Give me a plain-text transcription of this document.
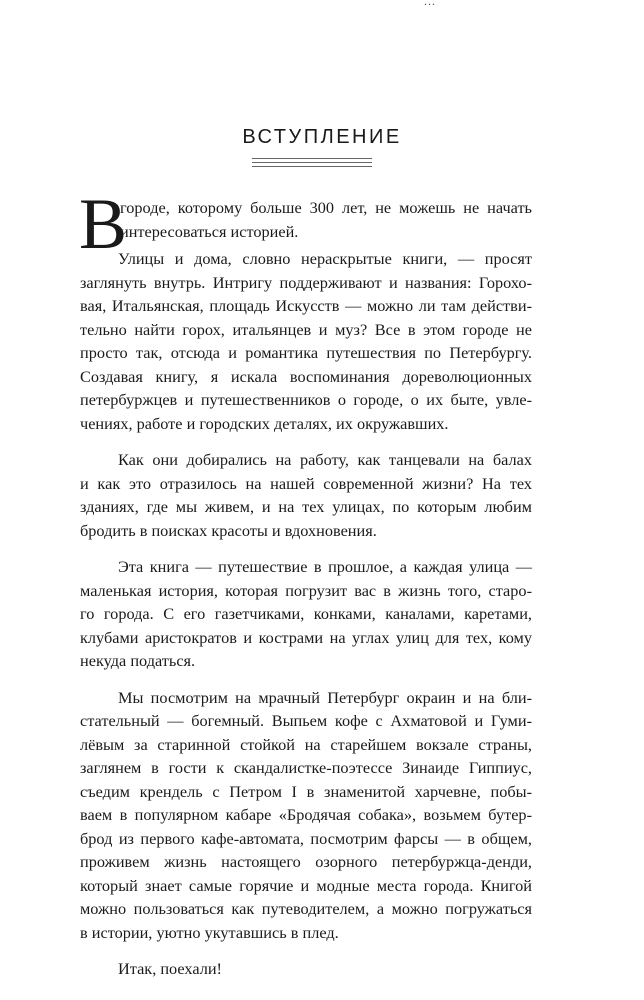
...
ВСТУПЛЕНИЕ
В
городе, которому больше 300 лет, не можешь не начать
интересоваться историей.
Улицы и дома, словно нераскрытые книги, — просят
заглянуть внутрь. Интригу поддерживают и названия: Горохо-
вая, Итальянская, площадь Искусств — можно ли там действи-
тельно найти горох, итальянцев и муз? Все в этом городе не
просто так, отсюда и романтика путешествия по Петербургу.
Создавая книгу, я искала воспоминания дореволюционных
петербуржцев и путешественников о городе, о их быте, увле-
чениях, работе и городских деталях, их окружавших.
Как они добирались на работу, как танцевали на балах
и как это отразилось на нашей современной жизни? На тех
зданиях, где мы живем, и на тех улицах, по которым любим
бродить в поисках красоты и вдохновения.
Эта книга — путешествие в прошлое, а каждая улица —
маленькая история, которая погрузит вас в жизнь того, старо-
го города. С его газетчиками, конками, каналами, каретами,
клубами аристократов и кострами на углах улиц для тех, кому
некуда податься.
Мы посмотрим на мрачный Петербург окраин и на бли-
стательный — богемный. Выпьем кофе с Ахматовой и Гуми-
лёвым за старинной стойкой на старейшем вокзале страны,
заглянем в гости к скандалистке-поэтессе Зинаиде Гиппиус,
съедим крендель с Петром I в знаменитой харчевне, побы-
ваем в популярном кабаре «Бродячая собака», возьмем бутер-
брод из первого кафе-автомата, посмотрим фарсы — в общем,
проживем жизнь настоящего озорного петербуржца-денди,
который знает самые горячие и модные места города. Книгой
можно пользоваться как путеводителем, а можно погружаться
в истории, уютно укутавшись в плед.
Итак, поехали!
